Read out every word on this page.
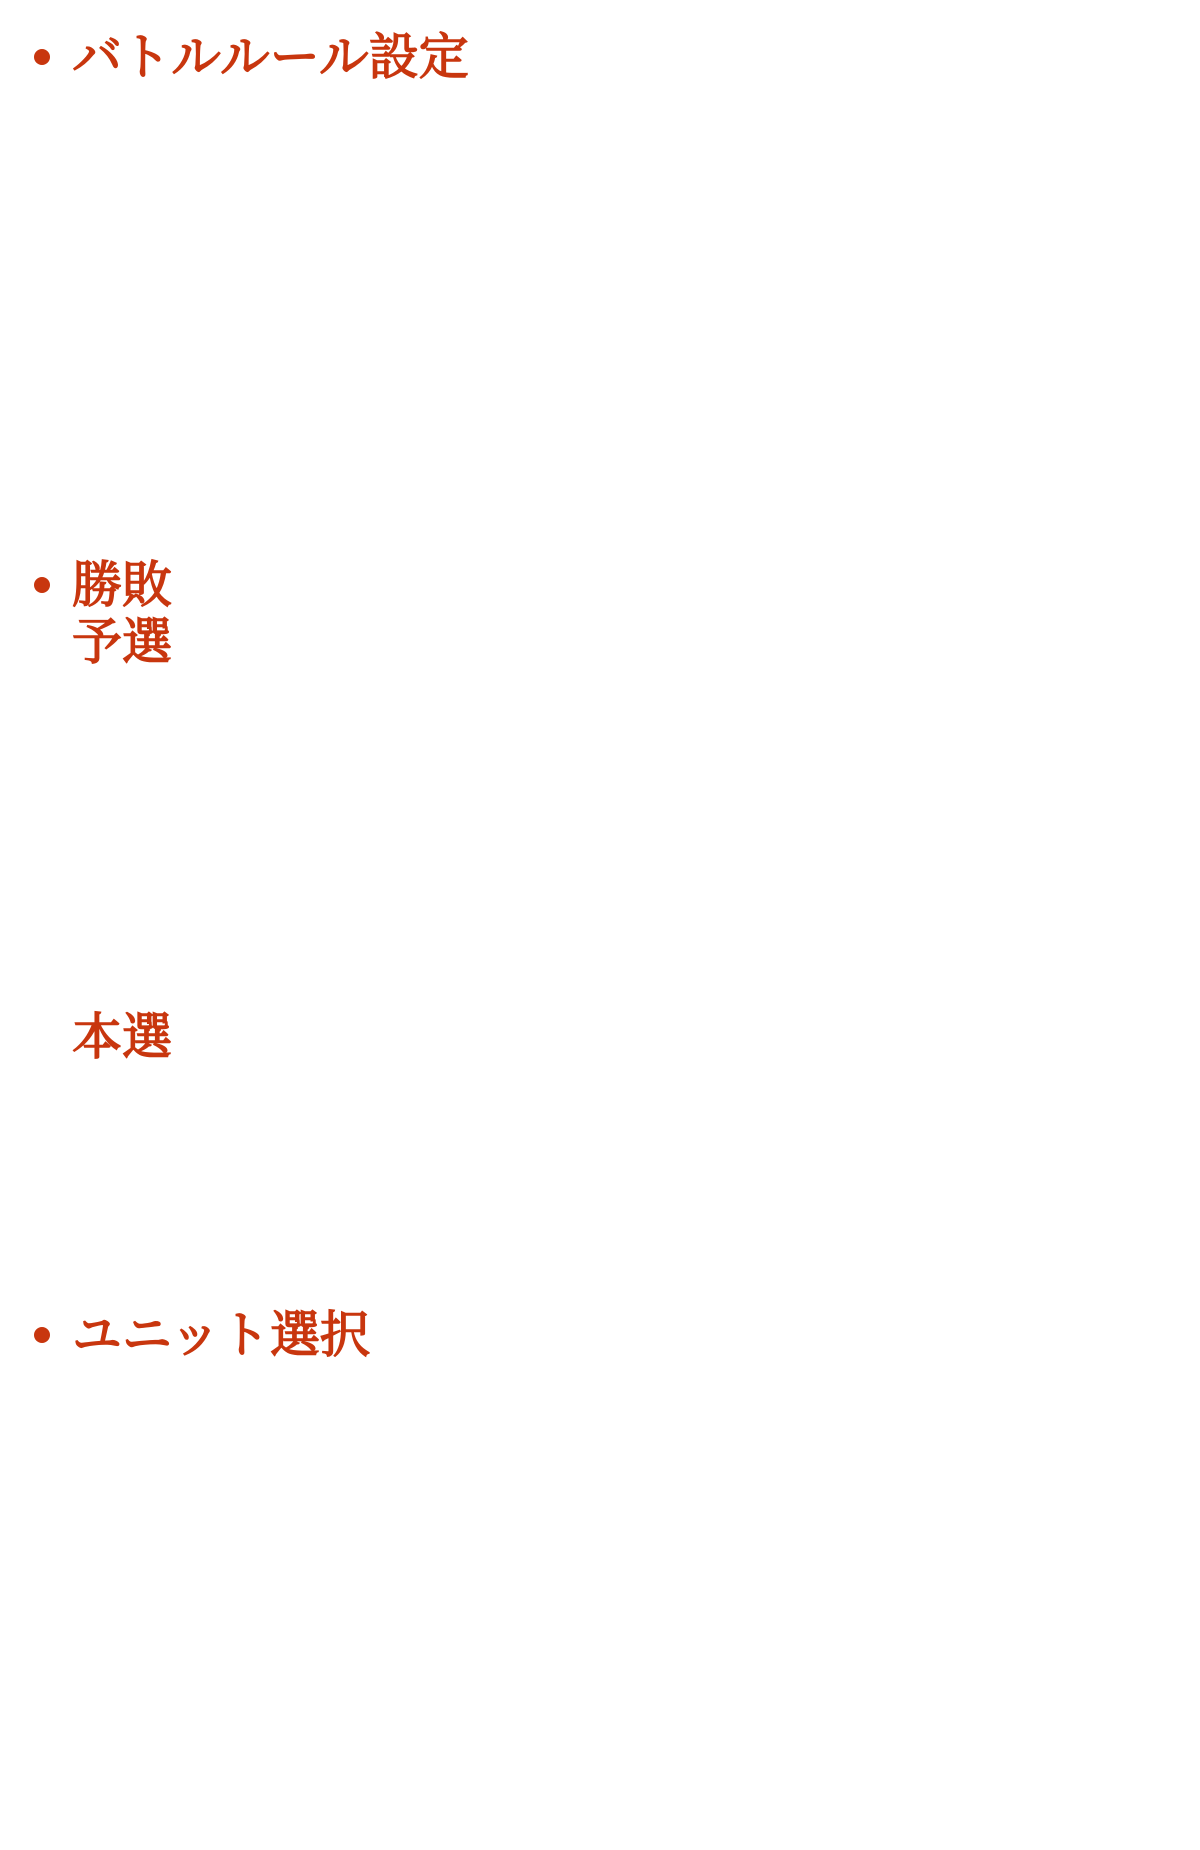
バトルルール設定
勝敗
予選
本選
ユニット選択
